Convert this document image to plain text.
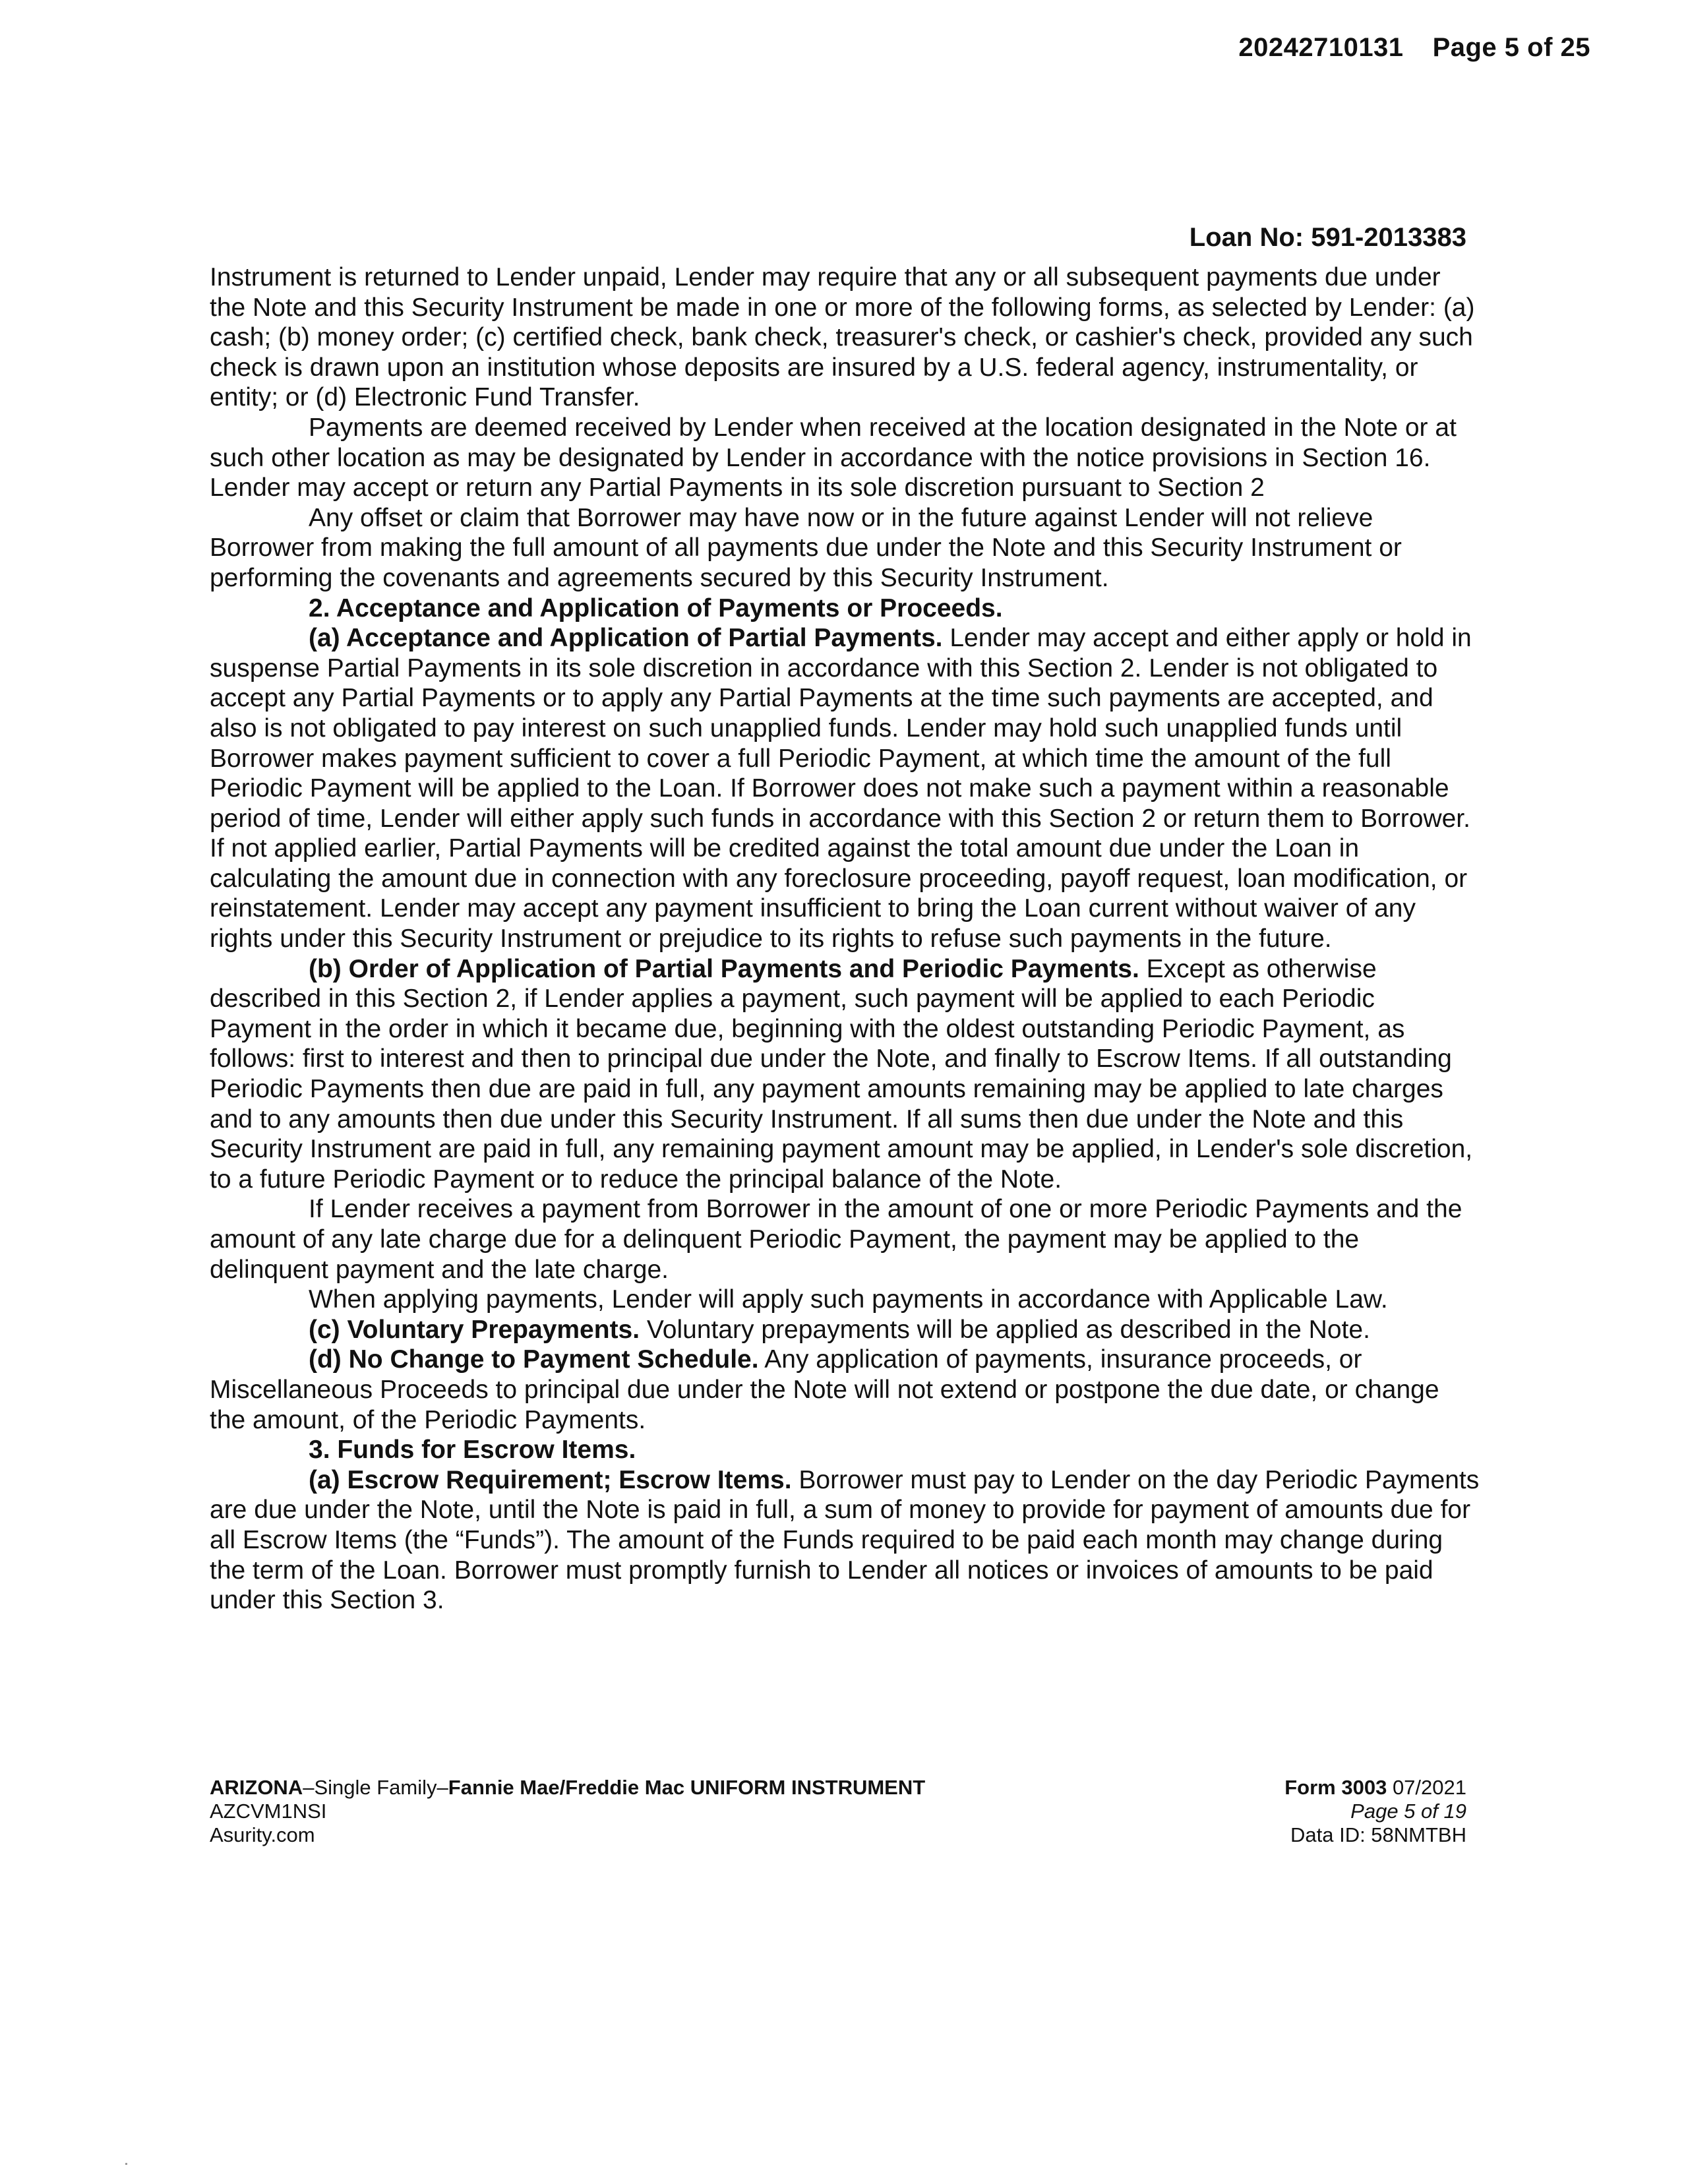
20242710131 Page 5 of 25
Loan No: 591-2013383

Instrument is returned to Lender unpaid, Lender may require that any or all subsequent payments due under the Note and this Security Instrument be made in one or more of the following forms, as selected by Lender: (a) cash; (b) money order; (c) certified check, bank check, treasurer's check, or cashier's check, provided any such check is drawn upon an institution whose deposits are insured by a U.S. federal agency, instrumentality, or entity; or (d) Electronic Fund Transfer.

Payments are deemed received by Lender when received at the location designated in the Note or at such other location as may be designated by Lender in accordance with the notice provisions in Section 16. Lender may accept or return any Partial Payments in its sole discretion pursuant to Section 2

Any offset or claim that Borrower may have now or in the future against Lender will not relieve Borrower from making the full amount of all payments due under the Note and this Security Instrument or performing the covenants and agreements secured by this Security Instrument.

2. Acceptance and Application of Payments or Proceeds.

(a) Acceptance and Application of Partial Payments. Lender may accept and either apply or hold in suspense Partial Payments in its sole discretion in accordance with this Section 2. Lender is not obligated to accept any Partial Payments or to apply any Partial Payments at the time such payments are accepted, and also is not obligated to pay interest on such unapplied funds. Lender may hold such unapplied funds until Borrower makes payment sufficient to cover a full Periodic Payment, at which time the amount of the full Periodic Payment will be applied to the Loan. If Borrower does not make such a payment within a reasonable period of time, Lender will either apply such funds in accordance with this Section 2 or return them to Borrower. If not applied earlier, Partial Payments will be credited against the total amount due under the Loan in calculating the amount due in connection with any foreclosure proceeding, payoff request, loan modification, or reinstatement. Lender may accept any payment insufficient to bring the Loan current without waiver of any rights under this Security Instrument or prejudice to its rights to refuse such payments in the future.

(b) Order of Application of Partial Payments and Periodic Payments. Except as otherwise described in this Section 2, if Lender applies a payment, such payment will be applied to each Periodic Payment in the order in which it became due, beginning with the oldest outstanding Periodic Payment, as follows: first to interest and then to principal due under the Note, and finally to Escrow Items. If all outstanding Periodic Payments then due are paid in full, any payment amounts remaining may be applied to late charges and to any amounts then due under this Security Instrument. If all sums then due under the Note and this Security Instrument are paid in full, any remaining payment amount may be applied, in Lender's sole discretion, to a future Periodic Payment or to reduce the principal balance of the Note.

If Lender receives a payment from Borrower in the amount of one or more Periodic Payments and the amount of any late charge due for a delinquent Periodic Payment, the payment may be applied to the delinquent payment and the late charge.

When applying payments, Lender will apply such payments in accordance with Applicable Law.

(c) Voluntary Prepayments. Voluntary prepayments will be applied as described in the Note.

(d) No Change to Payment Schedule. Any application of payments, insurance proceeds, or Miscellaneous Proceeds to principal due under the Note will not extend or postpone the due date, or change the amount, of the Periodic Payments.

3. Funds for Escrow Items.

(a) Escrow Requirement; Escrow Items. Borrower must pay to Lender on the day Periodic Payments are due under the Note, until the Note is paid in full, a sum of money to provide for payment of amounts due for all Escrow Items (the “Funds”). The amount of the Funds required to be paid each month may change during the term of the Loan. Borrower must promptly furnish to Lender all notices or invoices of amounts to be paid under this Section 3.

ARIZONA–Single Family–Fannie Mae/Freddie Mac UNIFORM INSTRUMENT
AZCVM1NSI
Asurity.com
Form 3003 07/2021
Page 5 of 19
Data ID: 58NMTBH
